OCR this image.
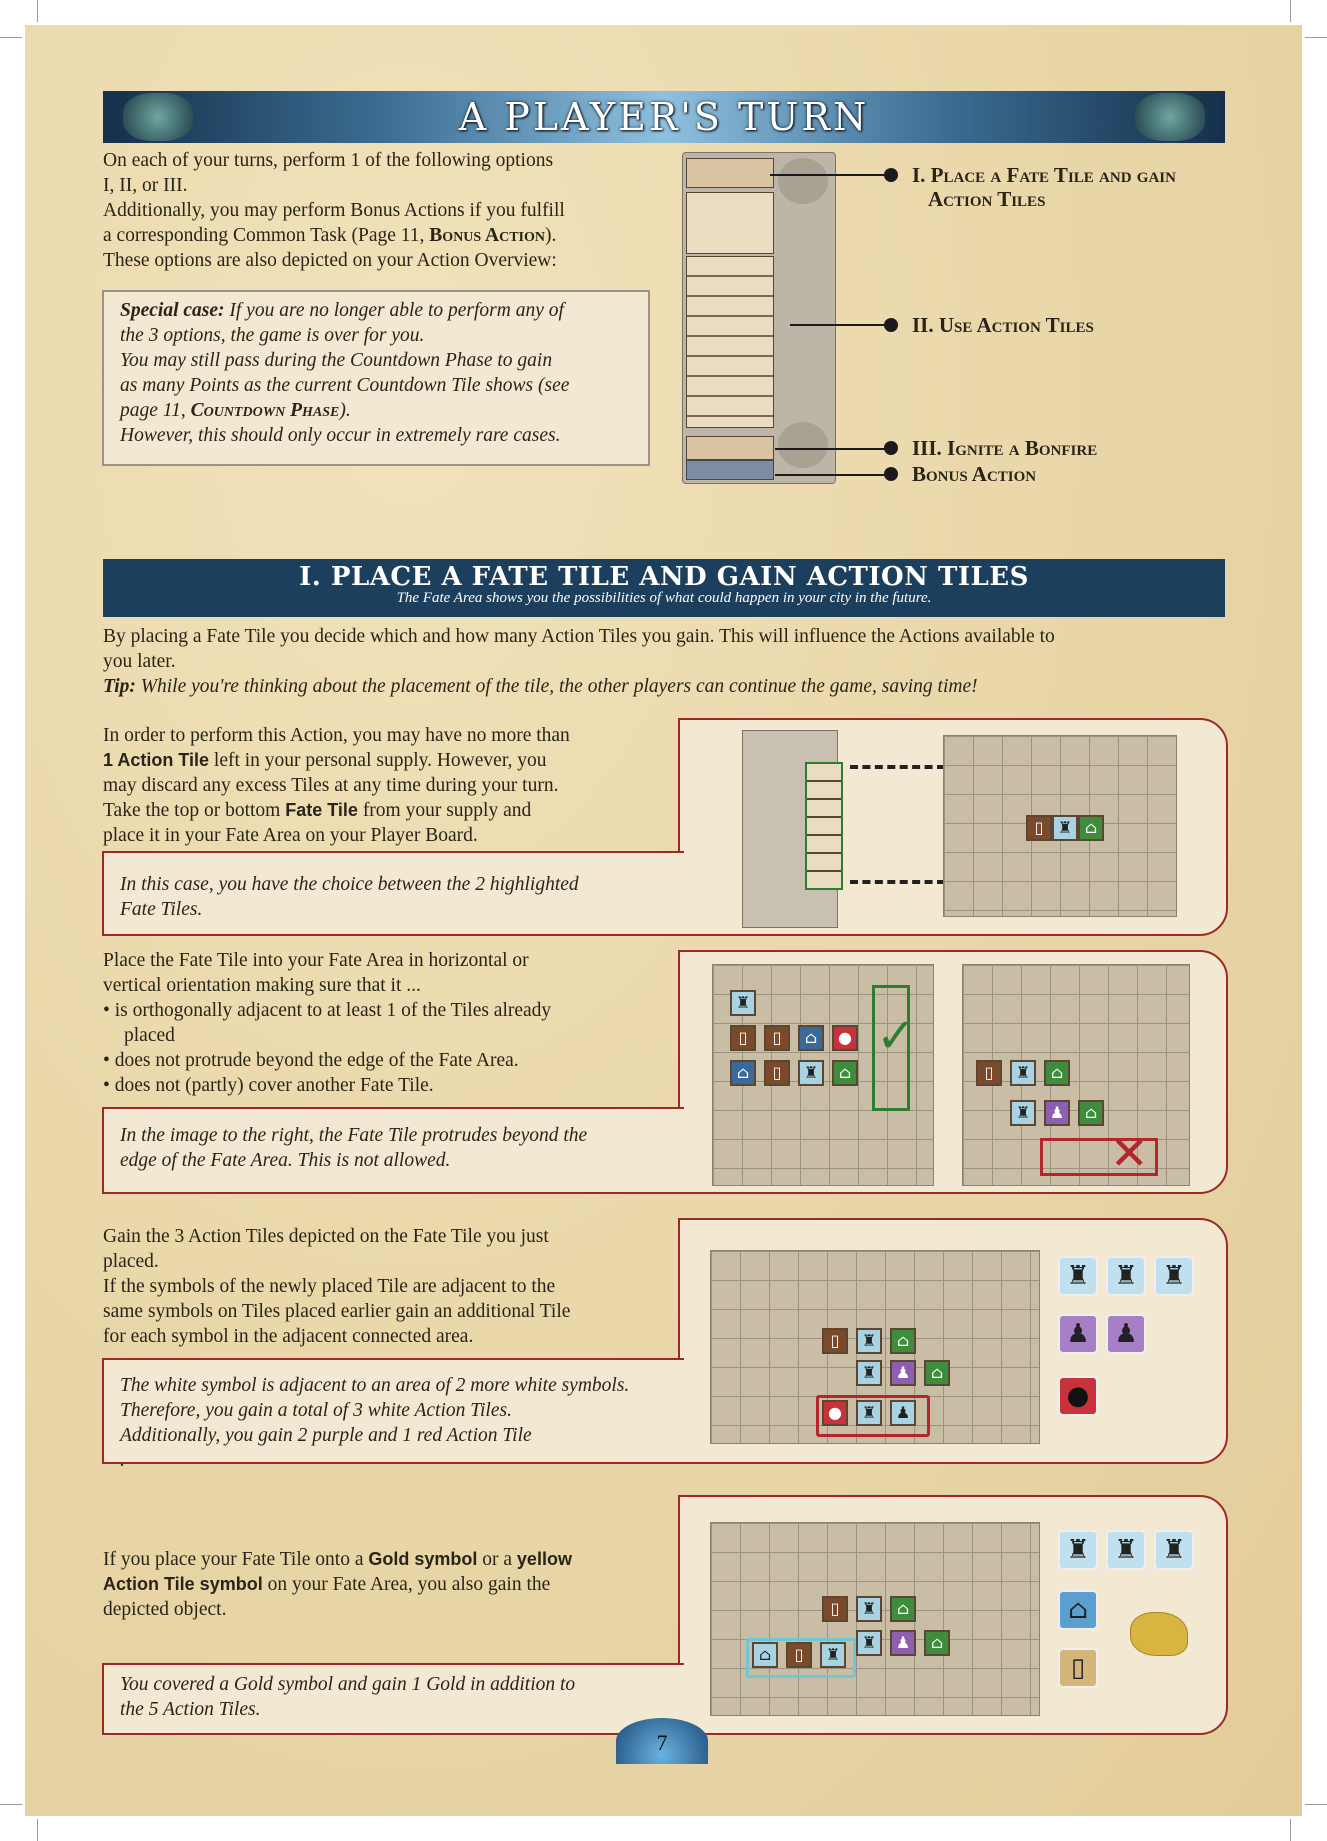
A PLAYER'S TURN
On each of your turns, perform 1 of the following options
I, II, or III.
Additionally, you may perform Bonus Actions if you fulfill
a corresponding Common Task (Page 11, Bonus Action).
These options are also depicted on your Action Overview:
Special case: If you are no longer able to perform any of
the 3 options, the game is over for you.
You may still pass during the Countdown Phase to gain
as many Points as the current Countdown Tile shows (see
page 11, Countdown Phase).
However, this should only occur in extremely rare cases.
I. Place a Fate Tile and gain
Action Tiles
II. Use Action Tiles
III. Ignite a Bonfire
Bonus Action
I. PLACE A FATE TILE AND GAIN ACTION TILES
The Fate Area shows you the possibilities of what could happen in your city in the future.
By placing a Fate Tile you decide which and how many Action Tiles you gain. This will influence the Actions available to
you later.
Tip: While you're thinking about the placement of the tile, the other players can continue the game, saving time!
In order to perform this Action, you may have no more than
1 Action Tile left in your personal supply. However, you
may discard any excess Tiles at any time during your turn.
Take the top or bottom Fate Tile from your supply and
place it in your Fate Area on your Player Board.
In this case, you have the choice between the 2 highlighted
Fate Tiles.
▯ ♜ ⌂
Place the Fate Tile into your Fate Area in horizontal or
vertical orientation making sure that it ...
• is orthogonally adjacent to at least 1 of the Tiles already
placed
• does not protrude beyond the edge of the Fate Area.
• does not (partly) cover another Fate Tile.
In the image to the right, the Fate Tile protrudes beyond the
edge of the Fate Area. This is not allowed.
♜
▯	▯	⌂	●
⌂	▯	♜	⌂
✓
▯	♜	⌂
♜	♟	⌂
✕
Gain the 3 Action Tiles depicted on the Fate Tile you just
placed.
If the symbols of the newly placed Tile are adjacent to the
same symbols on Tiles placed earlier gain an additional Tile
for each symbol in the adjacent connected area.
The white symbol is adjacent to an area of 2 more white symbols.
Therefore, you gain a total of 3 white Action Tiles.
Additionally, you gain 2 purple and 1 red Action Tile
.
▯	♜	⌂
♜	♟	⌂
●	♜	♟
♜ ♜ ♜
♟ ♟
●
If you place your Fate Tile onto a Gold symbol or a yellow
Action Tile symbol on your Fate Area, you also gain the
depicted object.
You covered a Gold symbol and gain 1 Gold in addition to
the 5 Action Tiles.
▯	♜	⌂
♜	♟	⌂
⌂	▯	♜
♜ ♜ ♜
⌂
▯
7
